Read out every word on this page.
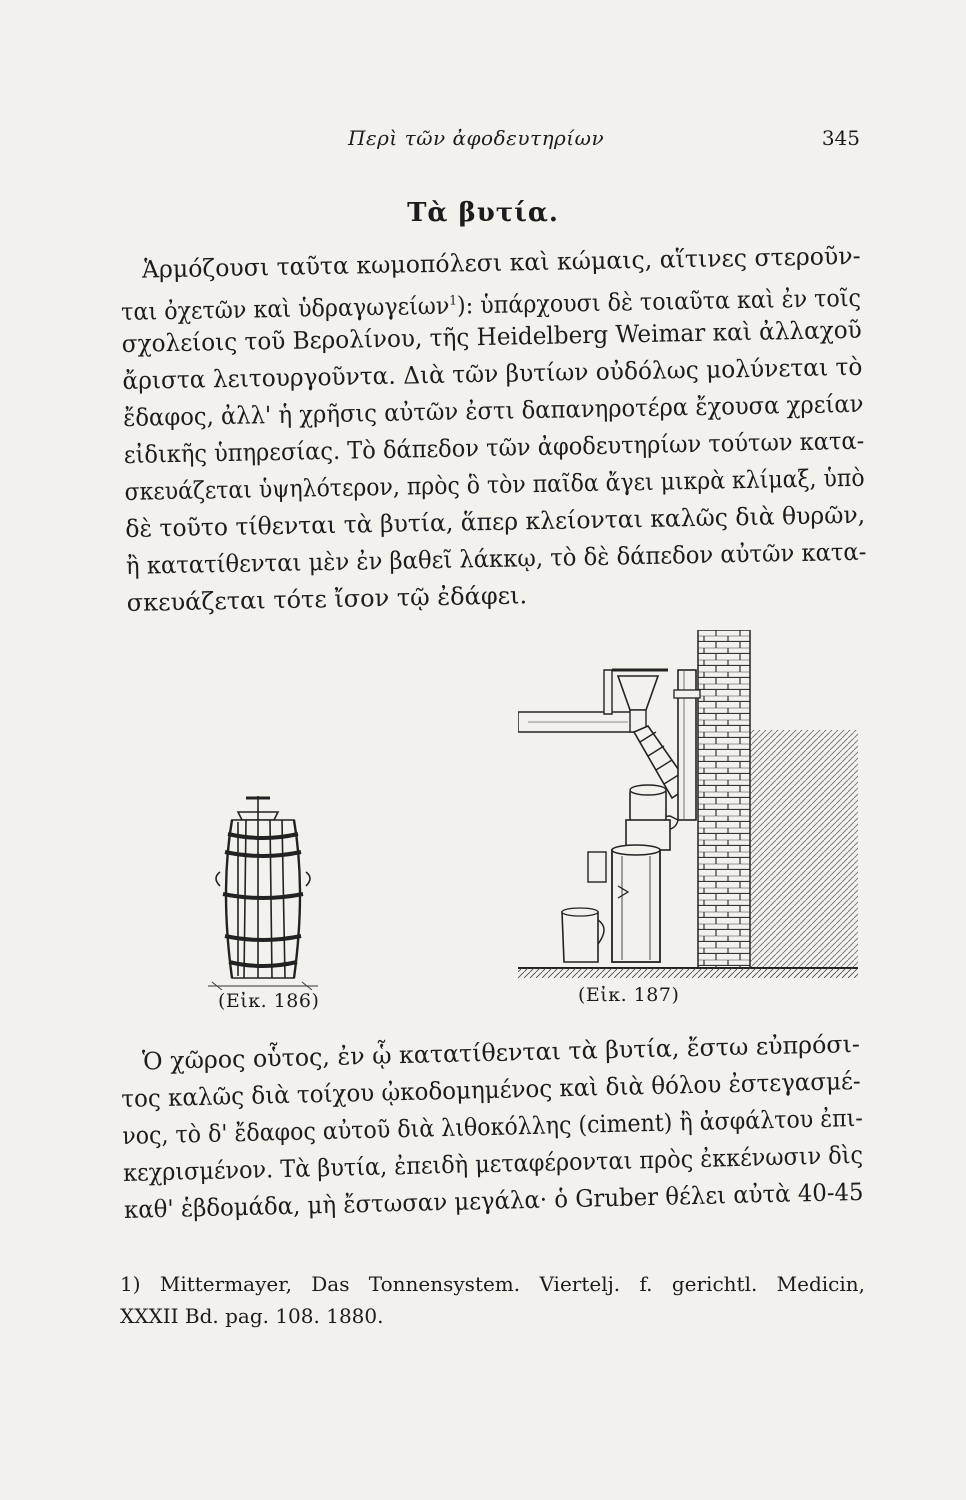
Περὶ τῶν ἀφοδευτηρίων	345
Τὰ βυτία.
Ἁρμόζουσι ταῦτα κωμοπόλεσι καὶ κώμαις, αἵτινες στεροῦν-
ται ὀχετῶν καὶ ὑδραγωγείων$^1$): ὑπάρχουσι δὲ τοιαῦτα καὶ ἐν τοῖς
σχολείοις τοῦ Βερολίνου, τῆς Heidelberg Weimar καὶ ἀλλαχοῦ
ἄριστα λειτουργοῦντα. Διὰ τῶν βυτίων οὐδόλως μολύνεται τὸ
ἔδαφος, ἀλλ' ἡ χρῆσις αὐτῶν ἐστι δαπανηροτέρα ἔχουσα χρείαν
εἰδικῆς ὑπηρεσίας. Τὸ δάπεδον τῶν ἀφοδευτηρίων τούτων κατα-
σκευάζεται ὑψηλότερον, πρὸς ὃ τὸν παῖδα ἄγει μικρὰ κλίμαξ, ὑπὸ
δὲ τοῦτο τίθενται τὰ βυτία, ἅπερ κλείονται καλῶς διὰ θυρῶν,
ἢ κατατίθενται μὲν ἐν βαθεῖ λάκκῳ, τὸ δὲ δάπεδον αὐτῶν κατα-
σκευάζεται τότε ἴσον τῷ ἐδάφει.
(Εἰκ. 186)	(Εἰκ. 187)
Ὁ χῶρος οὗτος, ἐν ᾧ κατατίθενται τὰ βυτία, ἔστω εὐπρόσι-
τος καλῶς διὰ τοίχου ᾠκοδομημένος καὶ διὰ θόλου ἐστεγασμέ-
νος, τὸ δ' ἔδαφος αὐτοῦ διὰ λιθοκόλλης (ciment) ἢ ἀσφάλτου ἐπι-
κεχρισμένον. Τὰ βυτία, ἐπειδὴ μεταφέρονται πρὸς ἐκκένωσιν δὶς
καθ' ἑβδομάδα, μὴ ἔστωσαν μεγάλα· ὁ Gruber θέλει αὐτὰ 40-45
1) Mittermayer, Das Tonnensystem. Viertelj. f. gerichtl. Medicin,
XXXII Bd. pag. 108. 1880.
